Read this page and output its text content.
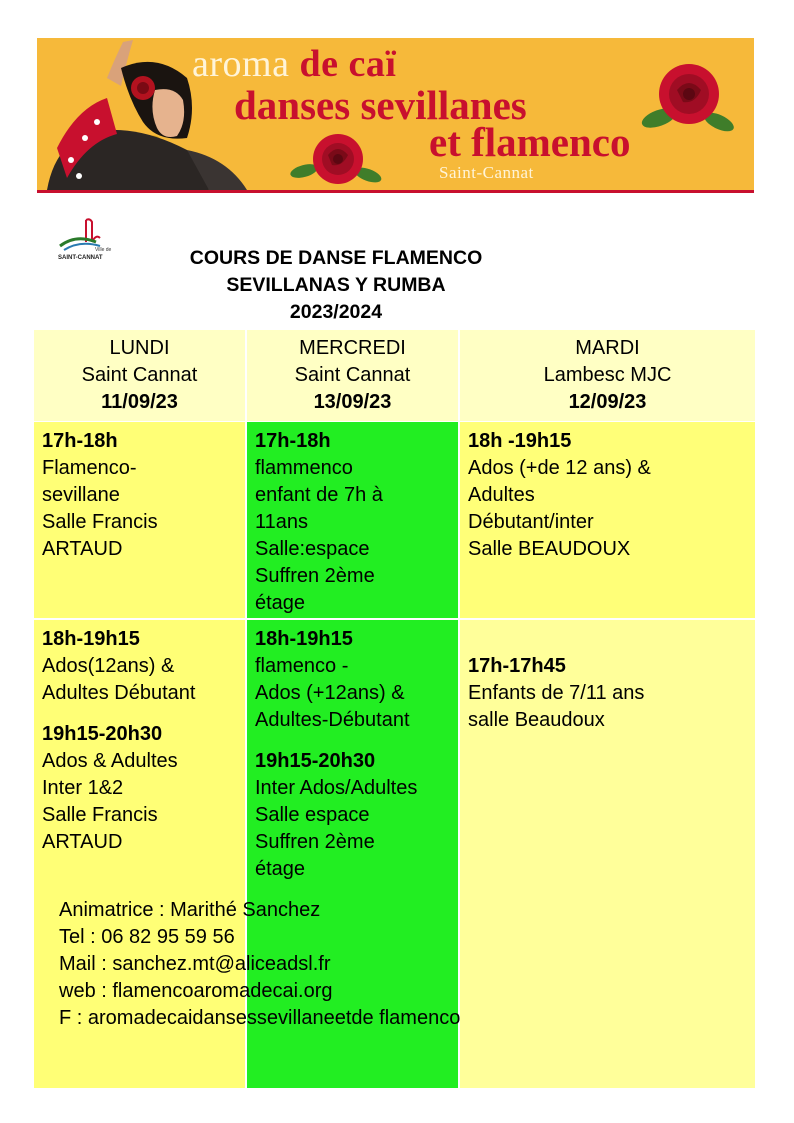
aroma de caï
danses sevillanes
et flamenco
Saint-Cannat
Ville de
SAINT-CANNAT	COURS DE DANSE FLAMENCO
SEVILLANAS Y RUMBA
2023/2024
LUNDI
Saint Cannat
11/09/23
17h-18h
Flamenco-
sevillane
Salle Francis
ARTAUD
18h-19h15
Ados(12ans) &
Adultes Débutant
19h15-20h30
Ados & Adultes
Inter 1&2
Salle Francis
ARTAUD
MERCREDI
Saint Cannat
13/09/23
17h-18h
flammenco
enfant de 7h à
11ans
Salle:espace
Suffren 2ème
étage
18h-19h15
flamenco -
Ados (+12ans) &
Adultes-Débutant
19h15-20h30
Inter Ados/Adultes
Salle espace
Suffren 2ème
étage
MARDI
Lambesc MJC
12/09/23
18h -19h15
Ados (+de 12 ans) &
Adultes
Débutant/inter
Salle BEAUDOUX
17h-17h45
Enfants de 7/11 ans
salle Beaudoux
Animatrice : Marithé Sanchez
Tel : 06 82 95 59 56
Mail : sanchez.mt@aliceadsl.fr
web : flamencoaromadecai.org
F : aromadecaidansessevillaneetde flamenco
